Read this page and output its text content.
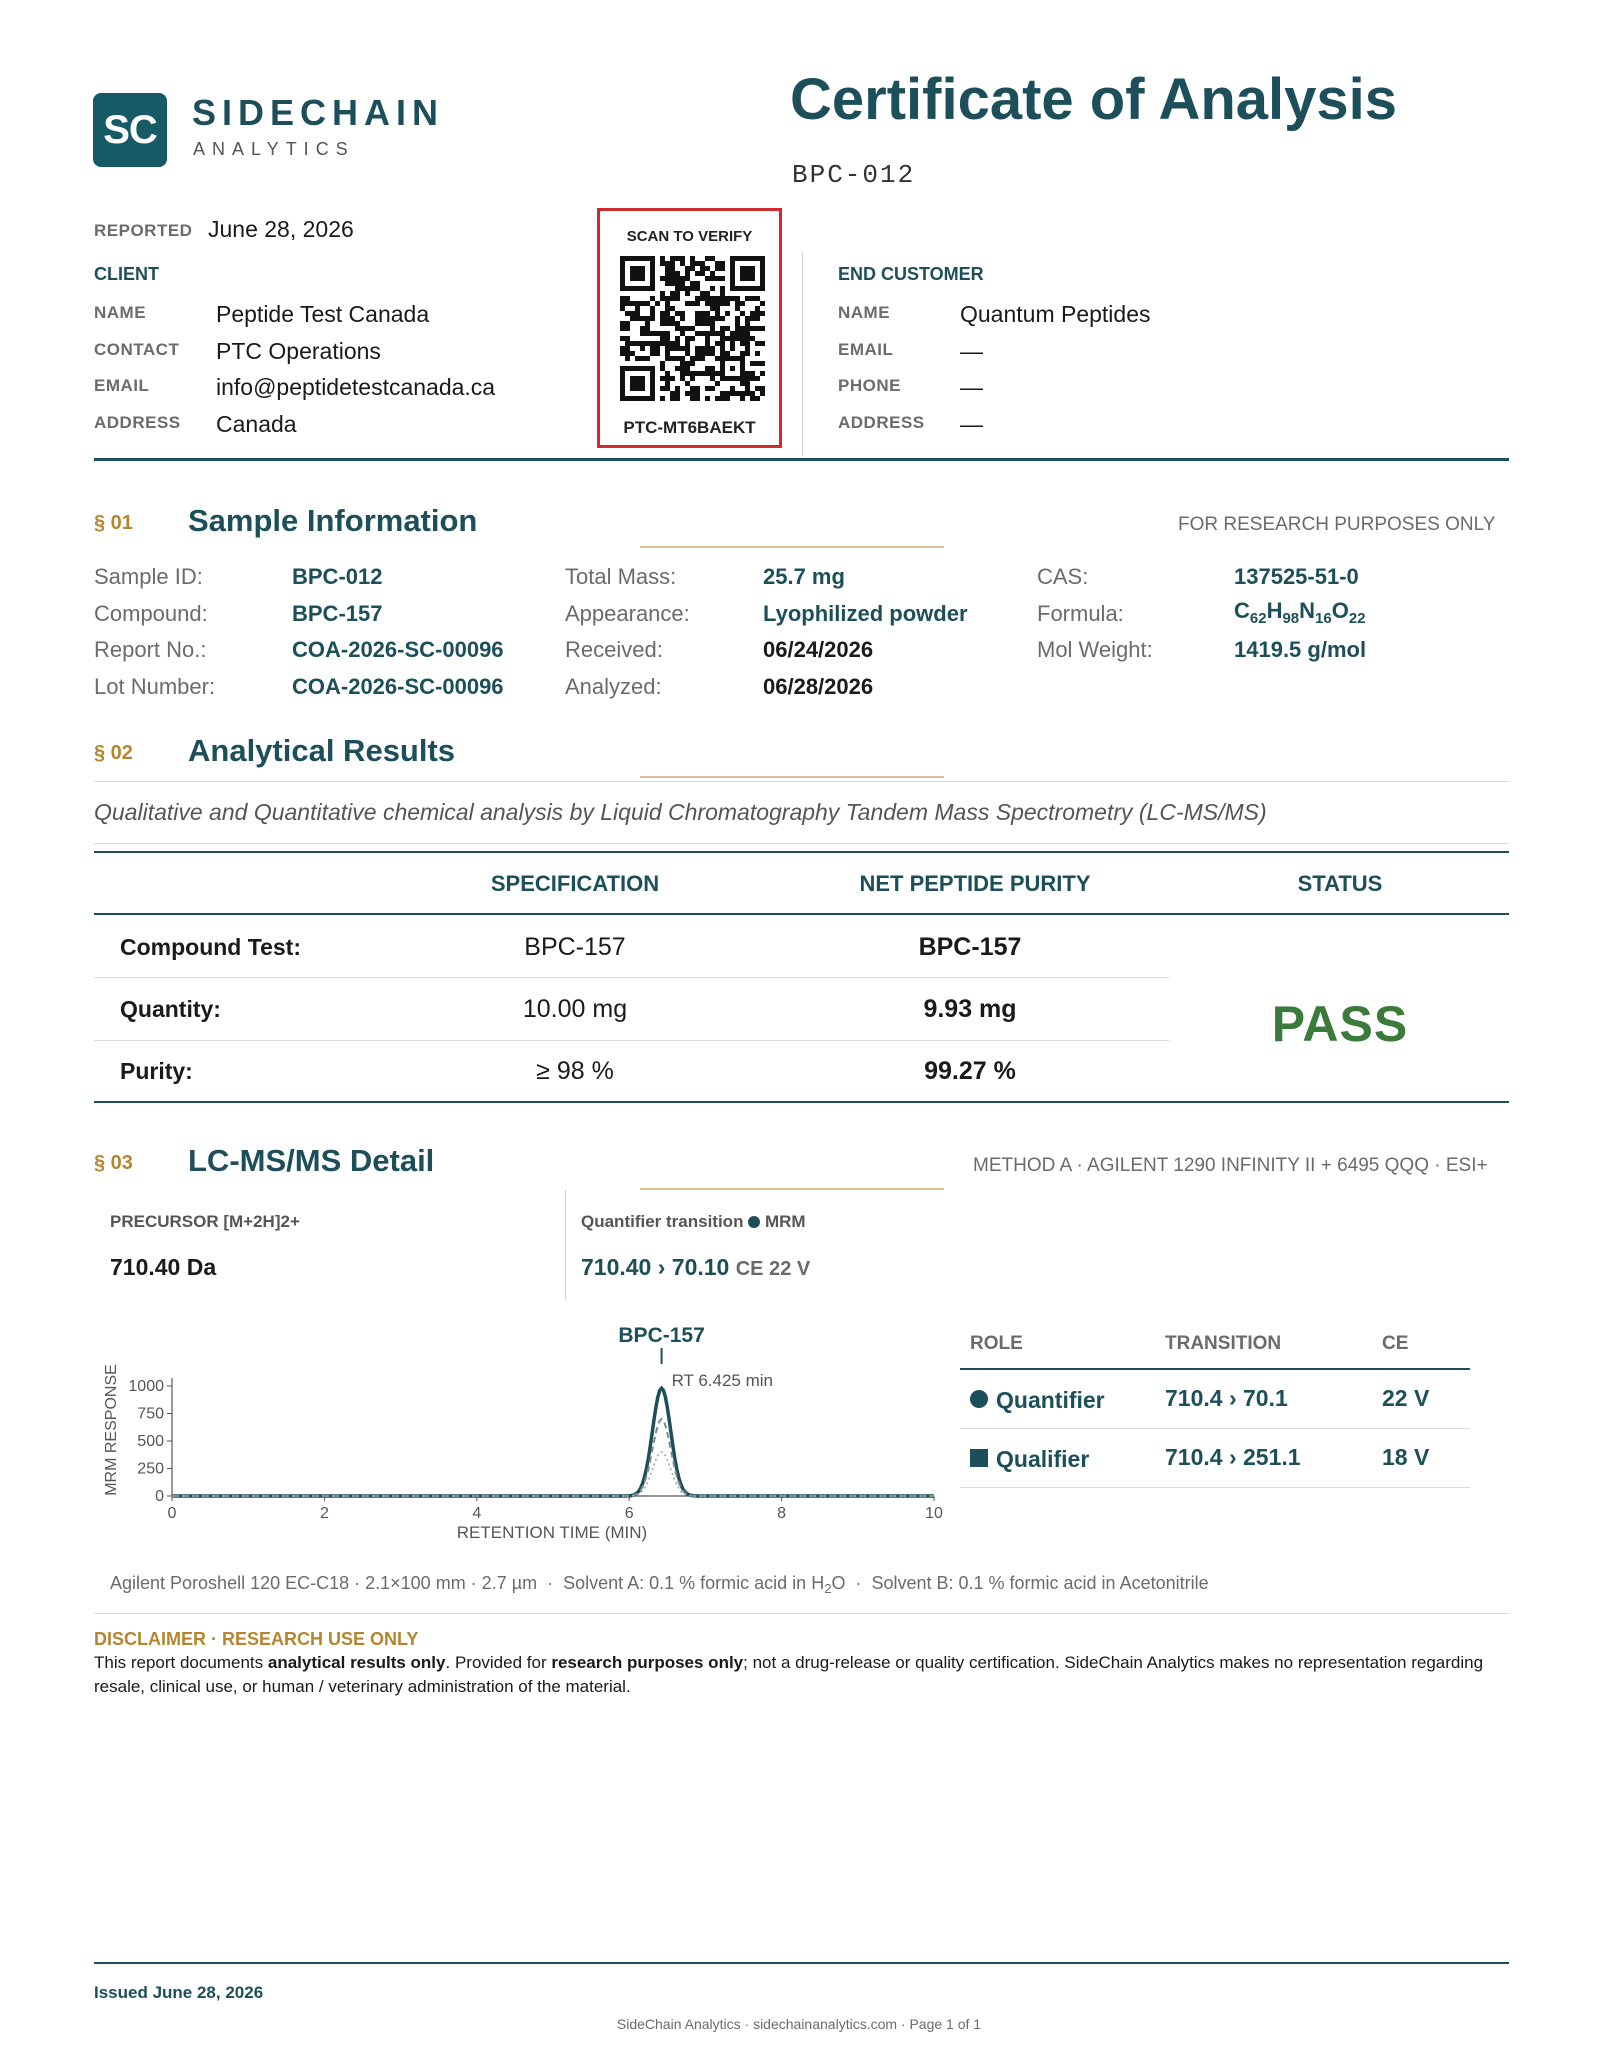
SC SIDECHAIN
ANALYTICS
Certificate of Analysis
BPC-012
REPORTED June 28, 2026
CLIENT
NAME	Peptide Test Canada
CONTACT PTC Operations
EMAIL	info@peptidetestcanada.ca
ADDRESS Canada
SCAN TO VERIFY
PTC-MT6BAEKT
END CUSTOMER
NAME	Quantum Peptides
EMAIL	—
PHONE	—
ADDRESS —
§ 01 Sample Information	FOR RESEARCH PURPOSES ONLY
Sample ID:	BPC-012
Compound:	BPC-157
Report No.:	COA-2026-SC-00096
Lot Number:	COA-2026-SC-00096
Total Mass:	25.7 mg
Appearance:	Lyophilized powder
Received:	06/24/2026
Analyzed:	06/28/2026
CAS:	137525-51-0
Formula:	$C_{62}H_{98}N_{16}O_{22}$
Mol Weight:	1419.5 g/mol
§ 02 Analytical Results
Qualitative and Quantitative chemical analysis by Liquid Chromatography Tandem Mass Spectrometry (LC-MS/MS)
SPECIFICATION	NET PEPTIDE PURITY	STATUS
Compound Test:	BPC-157	BPC-157
Quantity:	10.00 mg	9.93 mg
Purity:	≥ 98 %	99.27 %
PASS
§ 03 LC-MS/MS Detail	METHOD A · AGILENT 1290 INFINITY II + 6495 QQQ · ESI+
PRECURSOR [M+2H]2+
710.40 Da
Quantifier transition MRM
710.40 › 70.10 CE 22 V
BPC-157
MRM RESPONSE
RETENTION TIME (MIN)
RT 6.425 min
0
250
500
750
1000
0	2	4	6	8	10
ROLE	TRANSITION	CE
Quantifier	710.4 › 70.1	22 V
Qualifier	710.4 › 251.1	18 V
Agilent Poroshell 120 EC-C18 · 2.1×100 mm · 2.7 µm  ·  Solvent A: 0.1 % formic acid in $H_2O$  ·  Solvent B: 0.1 % formic acid in Acetonitrile
DISCLAIMER · RESEARCH USE ONLY
This report documents analytical results only. Provided for research purposes only; not a drug-release or quality certification. SideChain Analytics makes no representation regarding resale, clinical use, or human / veterinary administration of the material.
Issued June 28, 2026
SideChain Analytics · sidechainanalytics.com · Page 1 of 1
